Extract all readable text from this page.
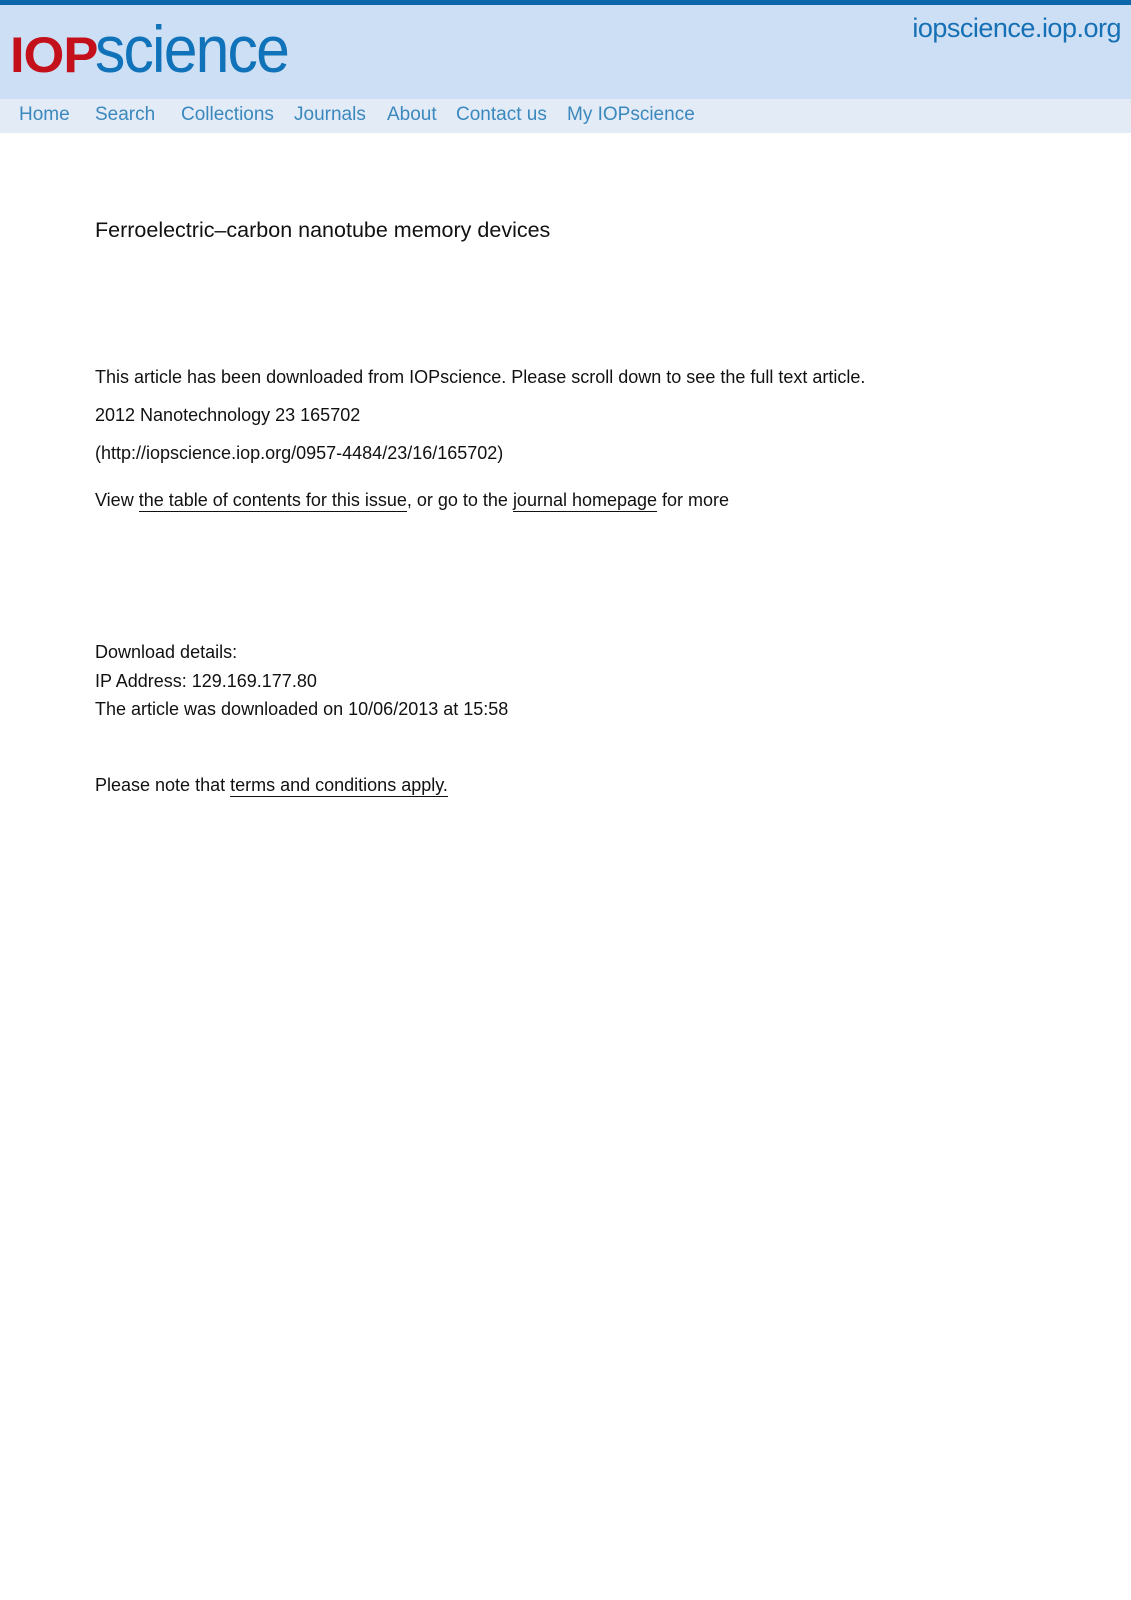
IOP
science	iopscience.iop.org
Home Search Collections Journals About Contact us My IOPscience
Ferroelectric–carbon nanotube memory devices
This article has been downloaded from IOPscience. Please scroll down to see the full text article.
2012 Nanotechnology 23 165702
(http://iopscience.iop.org/0957-4484/23/16/165702)
View the table of contents for this issue, or go to the journal homepage for more
Download details:
IP Address: 129.169.177.80
The article was downloaded on 10/06/2013 at 15:58
Please note that terms and conditions apply.
